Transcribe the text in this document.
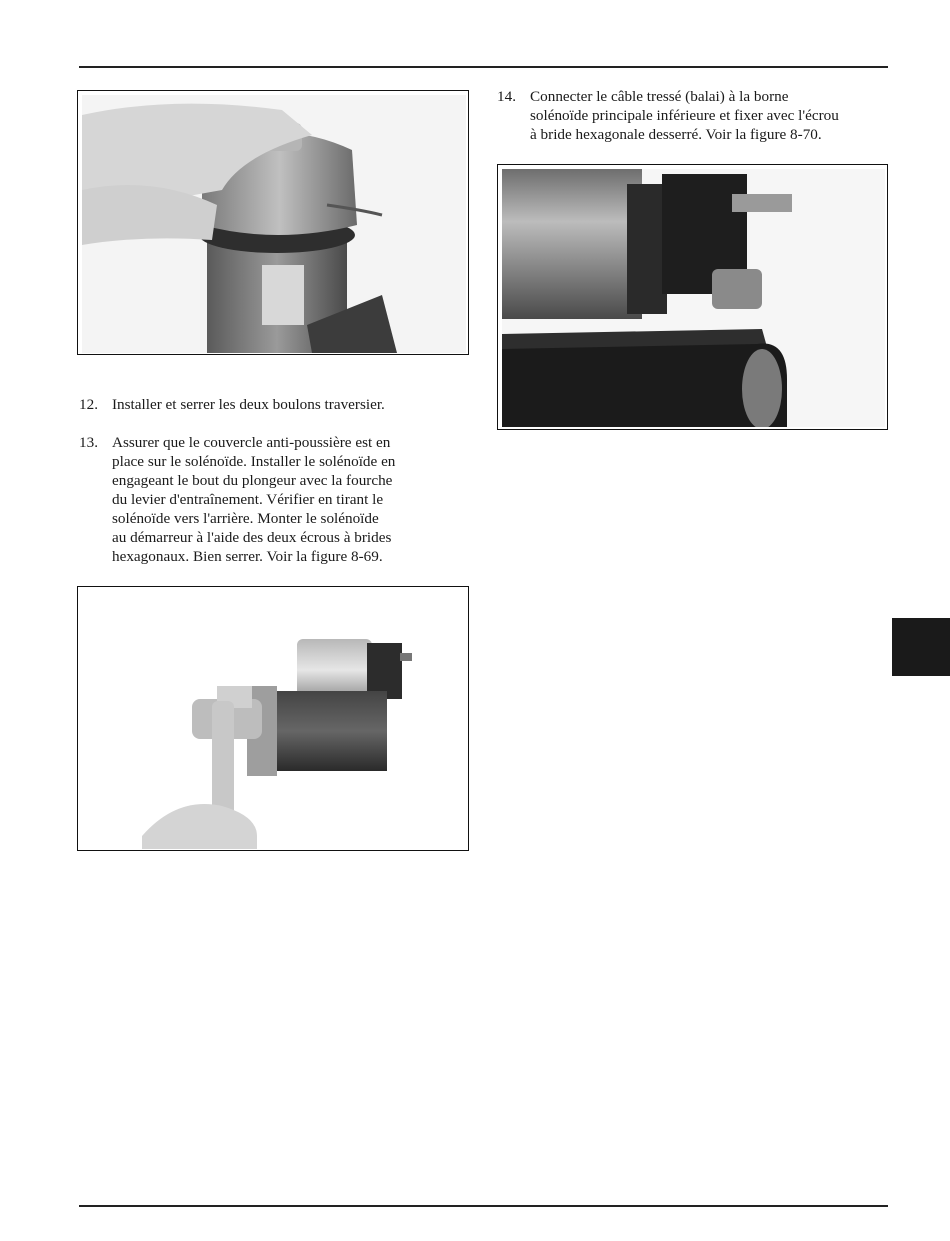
12. Installer et serrer les deux boulons traversier.
13. Assurer que le couvercle anti-poussière est en
place sur le solénoïde. Installer le solénoïde en
engageant le bout du plongeur avec la fourche
du levier d'entraînement. Vérifier en tirant le
solénoïde vers l'arrière. Monter le solénoïde
au démarreur à l'aide des deux écrous à brides
hexagonaux. Bien serrer. Voir la figure 8-69.
14. Connecter le câble tressé (balai) à la borne
solénoïde principale inférieure et fixer avec l'écrou
à bride hexagonale desserré. Voir la figure 8-70.
